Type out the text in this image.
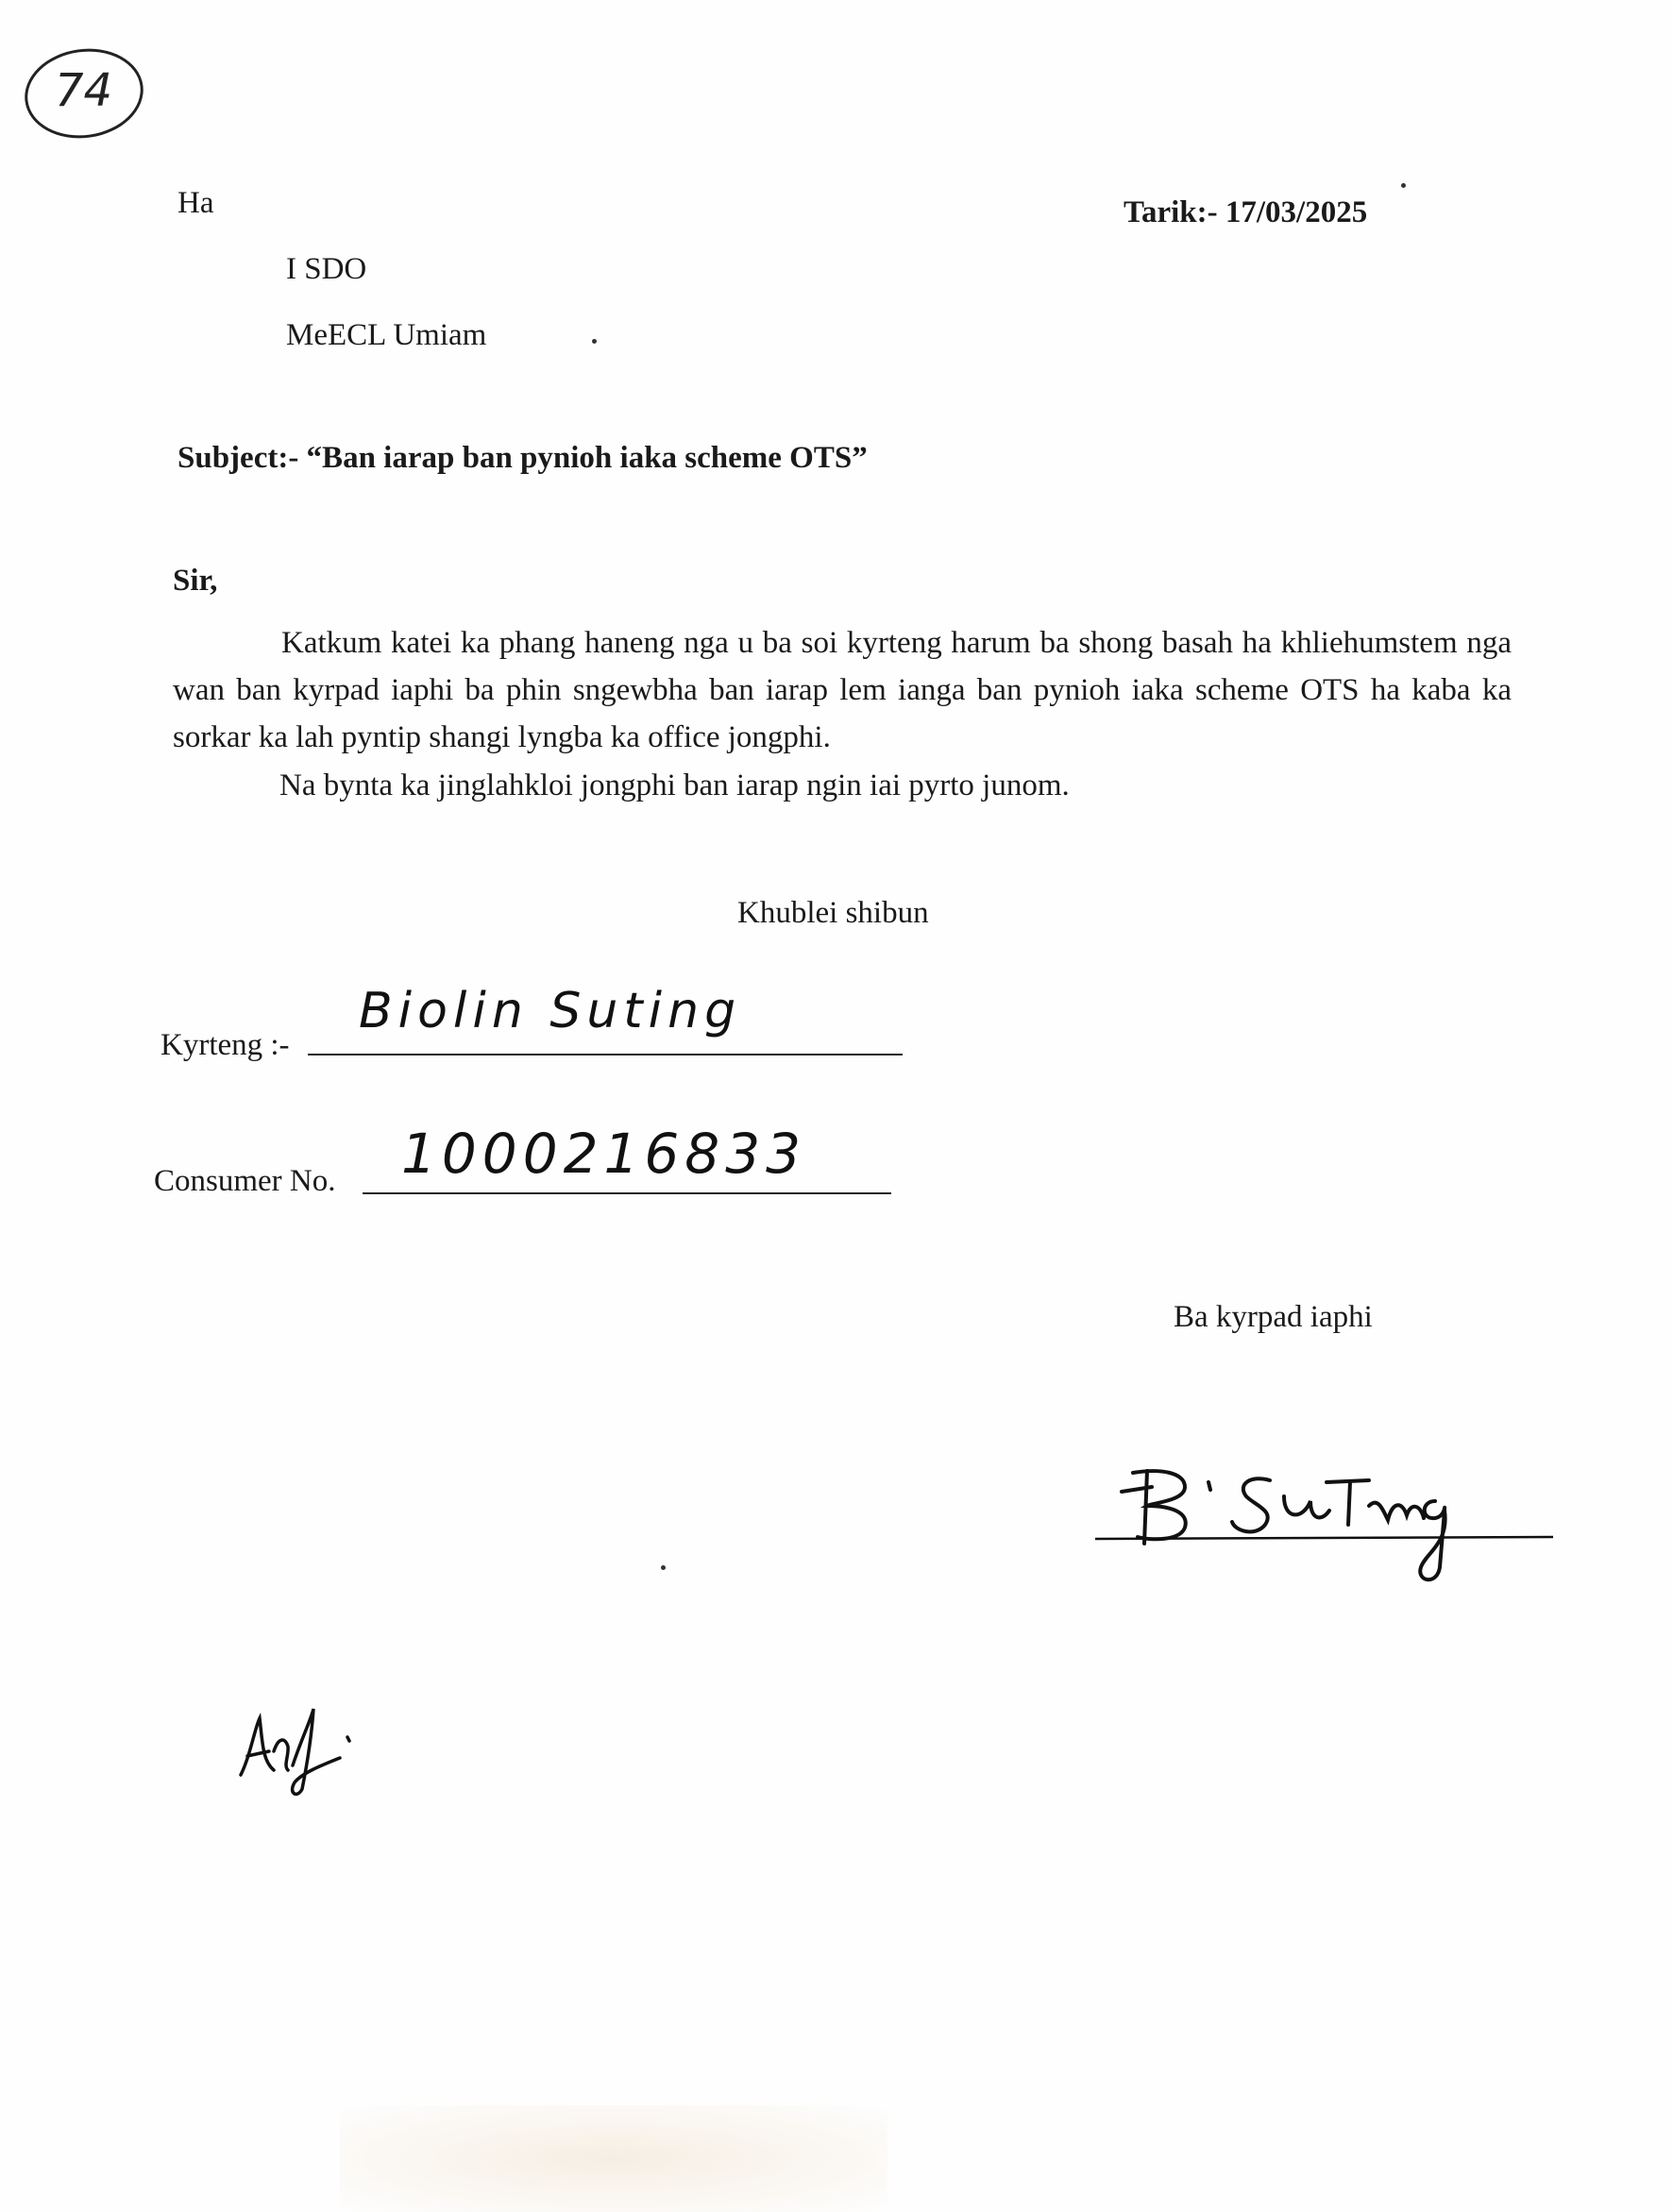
74
Ha	Tarik:- 17/03/2025
I SDO
MeECL Umiam
Subject:- “Ban iarap ban pynioh iaka scheme OTS”
Sir,
Katkum katei ka phang haneng nga u ba soi kyrteng harum ba shong basah ha khliehumstem nga wan ban kyrpad iaphi ba phin sngewbha ban iarap lem ianga ban pynioh iaka scheme OTS ha kaba ka sorkar ka lah pyntip shangi lyngba ka office jongphi.
Na bynta ka jinglahkloi jongphi ban iarap ngin iai pyrto junom.
Khublei shibun
Kyrteng :-
Biolin Suting
Consumer No. 1000216833
Ba kyrpad iaphi
